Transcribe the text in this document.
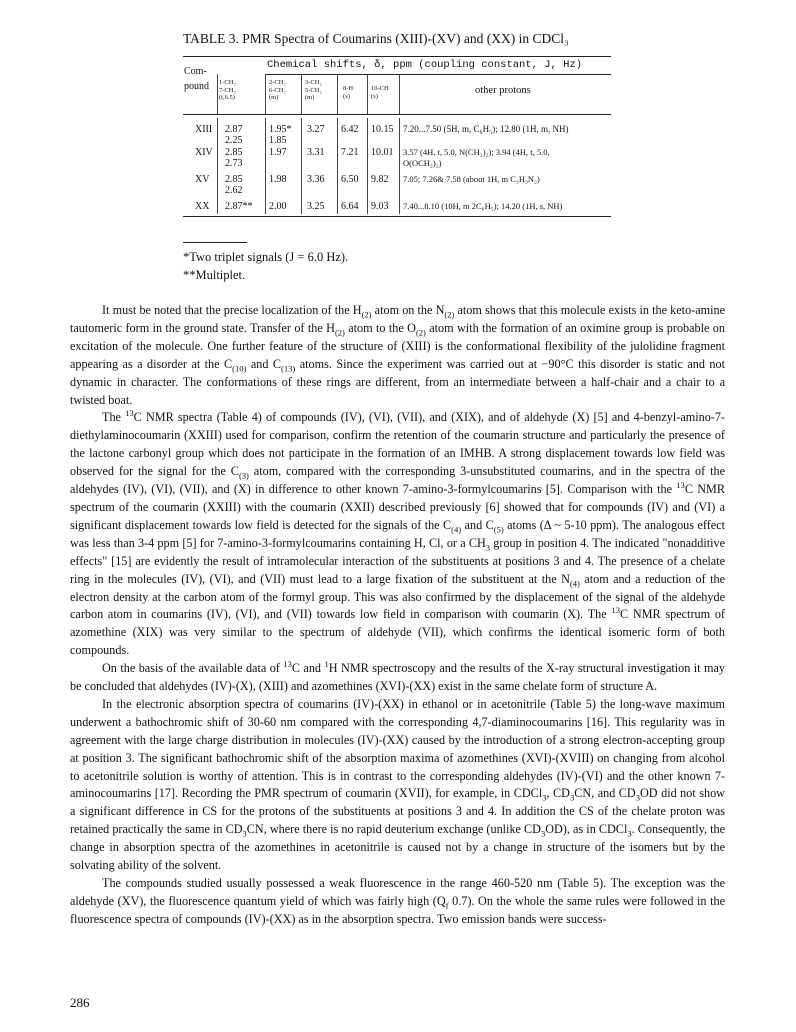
TABLE 3. PMR Spectra of Coumarins (XIII)-(XV) and (XX) in CDCl₃
Chemical shifts, δ, ppm (coupling constant, J, Hz)
Com-
pound 1-CH₂
7-CH₂
(t,6.5)
2-CH₂
6-CH₂
(m)
3-CH₂
5-CH₂
(m)
8-H
(s)
10-CH
(s)	other protons
XIII 2.87
2.25
1.95*
1.85
3.27 6.42 10.15 7.20...7.50 (5H, m, C₆H₅); 12.80 (1H, m, NH)
XIV 2.85
2.73
1.97 3.31 7.21 10.01 3.57 (4H, t, 5.0, N(CH₂)₂); 3.94 (4H, t, 5.0,
O(OCH₂)₂)
XV 2.85
2.62
1.98 3.36 6.50 9.82 7.05; 7.26& 7.58 (about 1H, m C₃H₃N₂)
XX 2.87** 2.00 3.25 6.64 9.03 7.40...8.10 (10H, m 2C₆H₅); 14.20 (1H, s, NH)
*Two triplet signals (J = 6.0 Hz).
**Multiplet.

It must be noted that the precise localization of the $H_{(2)}$ atom on the $N_{(2)}$ atom shows that this molecule exists in the keto-amine tautomeric form in the ground state. Transfer of the $H_{(2)}$ atom to the $O_{(2)}$ atom with the formation of an oximine group is probable on excitation of the molecule. One further feature of the structure of (XIII) is the conformational flexibility of the julolidine fragment appearing as a disorder at the $C_{(10)}$ and $C_{(13)}$ atoms. Since the experiment was carried out at −90°C this disorder is static and not dynamic in character. The conformations of these rings are different, from an intermediate between a half-chair and a chair to a twisted boat.

The $^{13}$C NMR spectra (Table 4) of compounds (IV), (VI), (VII), and (XIX), and of aldehyde (X) [5] and 4-benzyl-amino-7-diethylaminocoumarin (XXIII) used for comparison, confirm the retention of the coumarin structure and particularly the presence of the lactone carbonyl group which does not participate in the formation of an IMHB. A strong displacement towards low field was observed for the signal for the $C_{(3)}$ atom, compared with the corresponding 3-unsubstituted coumarins, and in the spectra of the aldehydes (IV), (VI), (VII), and (X) in difference to other known 7-amino-3-formylcoumarins [5]. Comparison with the $^{13}$C NMR spectrum of the coumarin (XXIII) with the coumarin (XXII) described previously [6] showed that for compounds (IV) and (VI) a significant displacement towards low field is detected for the signals of the $C_{(4)}$ and $C_{(5)}$ atoms (Δ ~ 5-10 ppm). The analogous effect was less than 3-4 ppm [5] for 7-amino-3-formylcoumarins containing H, Cl, or a $CH_3$ group in position 4. The indicated "nonadditive effects" [15] are evidently the result of intramolecular interaction of the substituents at positions 3 and 4. The presence of a chelate ring in the molecules (IV), (VI), and (VII) must lead to a large fixation of the substituent at the $N_{(4)}$ atom and a reduction of the electron density at the carbon atom of the formyl group. This was also confirmed by the displacement of the signal of the aldehyde carbon atom in coumarins (IV), (VI), and (VII) towards low field in comparison with coumarin (X). The $^{13}$C NMR spectrum of azomethine (XIX) was very similar to the spectrum of aldehyde (VII), which confirms the identical isomeric form of both compounds.

On the basis of the available data of $^{13}$C and $^1$H NMR spectroscopy and the results of the X-ray structural investigation it may be concluded that aldehydes (IV)-(X), (XIII) and azomethines (XVI)-(XX) exist in the same chelate form of structure A.

In the electronic absorption spectra of coumarins (IV)-(XX) in ethanol or in acetonitrile (Table 5) the long-wave maximum underwent a bathochromic shift of 30-60 nm compared with the corresponding 4,7-diaminocoumarins [16]. This regularity was in agreement with the large charge distribution in molecules (IV)-(XX) caused by the introduction of a strong electron-accepting group at position 3. The significant bathochromic shift of the absorption maxima of azomethines (XVI)-(XVIII) on changing from alcohol to acetonitrile solution is worthy of attention. This is in contrast to the corresponding aldehydes (IV)-(VI) and the other known 7-aminocoumarins [17]. Recording the PMR spectrum of coumarin (XVII), for example, in CDCl$_3$, $CD_3CN$, and $CD_3OD$ did not show a significant difference in CS for the protons of the substituents at positions 3 and 4. In addition the CS of the chelate proton was retained practically the same in $CD_3CN$, where there is no rapid deuterium exchange (unlike $CD_3OD$), as in CDCl$_3$. Consequently, the change in absorption spectra of the azomethines in acetonitrile is caused not by a change in structure of the isomers but by the solvating ability of the solvent.

The compounds studied usually possessed a weak fluorescence in the range 460-520 nm (Table 5). The exception was the aldehyde (XV), the fluorescence quantum yield of which was fairly high ($Q_f$ 0.7). On the whole the same rules were followed in the fluorescence spectra of compounds (IV)-(XX) as in the absorption spectra. Two emission bands were success-

286
